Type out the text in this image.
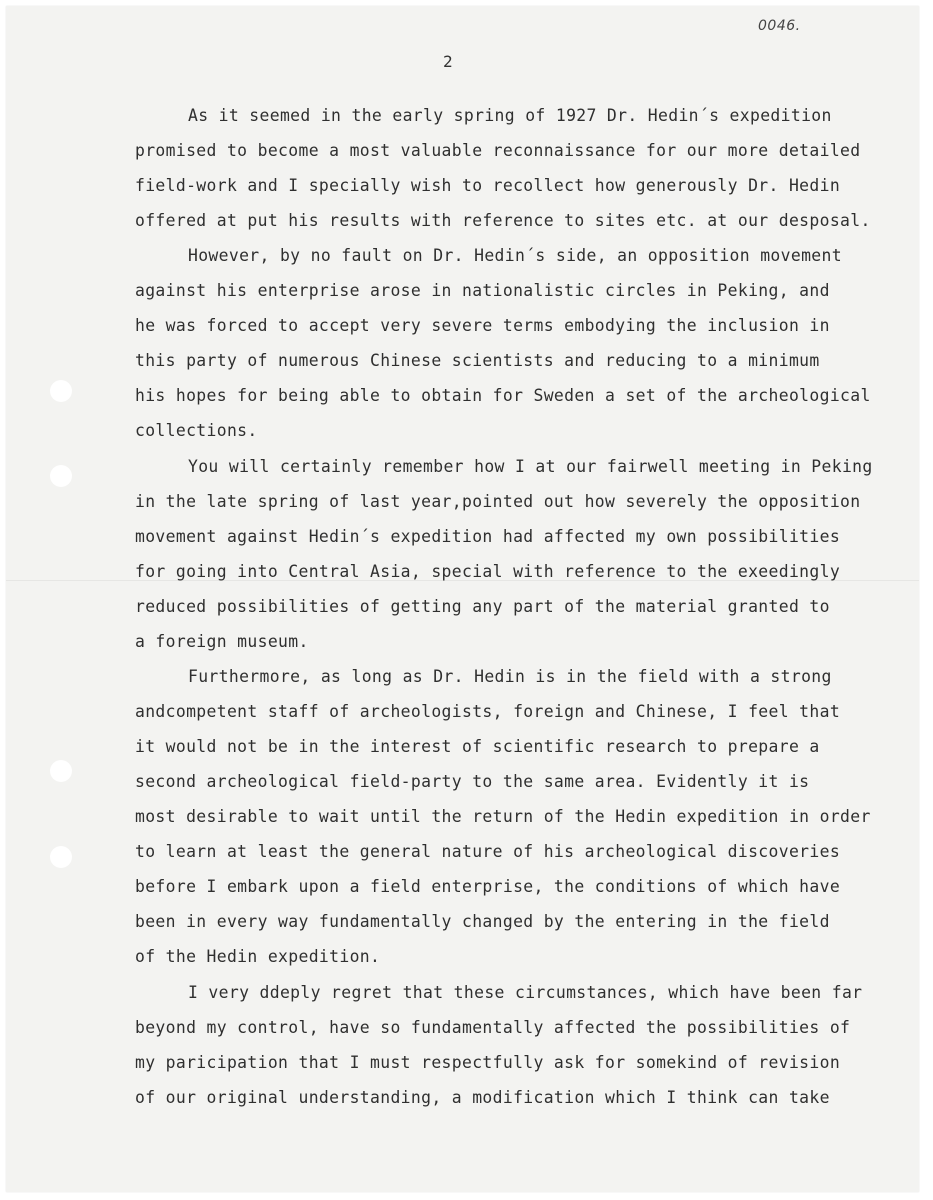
0046.
2
As it seemed in the early spring of 1927 Dr. Hedin´s expedition
promised to become a most valuable reconnaissance for our more detailed
field-work and I specially wish to recollect how generously Dr. Hedin
offered at put his results with reference to sites etc. at our desposal.
However, by no fault on Dr. Hedin´s side, an opposition movement
against his enterprise arose in nationalistic circles in Peking, and
he was forced to accept very severe terms embodying the inclusion in
this party of numerous Chinese scientists and reducing to a minimum
his hopes for being able to obtain for Sweden a set of the archeological
collections.
You will certainly remember how I at our fairwell meeting in Peking
in the late spring of last year,pointed out how severely the opposition
movement against Hedin´s expedition had affected my own possibilities
for going into Central Asia, special with reference to the exeedingly
reduced possibilities of getting any part of the material granted to
a foreign museum.
Furthermore, as long as Dr. Hedin is in the field with a strong
andcompetent staff of archeologists, foreign and Chinese, I feel that
it would not be in the interest of scientific research to prepare a
second archeological field-party to the same area. Evidently it is
most desirable to wait until the return of the Hedin expedition in order
to learn at least the general nature of his archeological discoveries
before I embark upon a field enterprise, the conditions of which have
been in every way fundamentally changed by the entering in the field
of the Hedin expedition.
I very ddeply regret that these circumstances, which have been far
beyond my control, have so fundamentally affected the possibilities of
my paricipation that I must respectfully ask for somekind of revision
of our original understanding, a modification which I think can take
